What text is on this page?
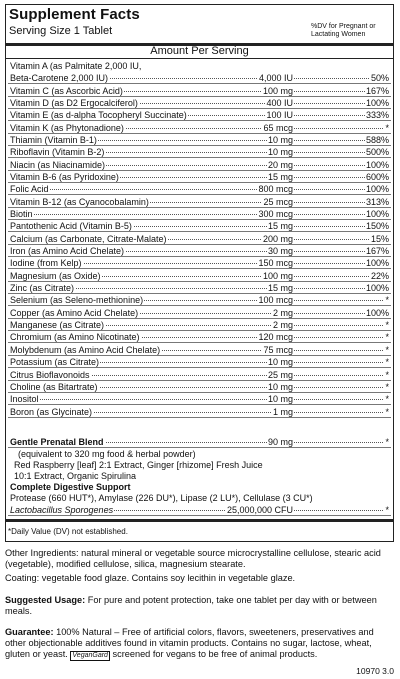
Supplement Facts
Serving Size 1 Tablet	%DV for Pregnant or Lactating Women
Amount Per Serving
Vitamin A (as Palmitate 2,000 IU,
Beta-Carotene 2,000 IU)	4,000 IU	50%
Vitamin C (as Ascorbic Acid)	100 mg	167%
Vitamin D (as D2 Ergocalciferol)	400 IU	100%
Vitamin E (as d-alpha Tocopheryl Succinate)	100 IU	333%
Vitamin K (as Phytonadione)	65 mcg	*
Thiamin (Vitamin B-1)	10 mg	588%
Riboflavin (Vitamin B-2)	10 mg	500%
Niacin (as Niacinamide)	20 mg	100%
Vitamin B-6 (as Pyridoxine)	15 mg	600%
Folic Acid	800 mcg	100%
Vitamin B-12 (as Cyanocobalamin)	25 mcg	313%
Biotin	300 mcg	100%
Pantothenic Acid (Vitamin B-5)	15 mg	150%
Calcium (as Carbonate, Citrate-Malate)	200 mg	15%
Iron (as Amino Acid Chelate)	30 mg	167%
Iodine (from Kelp)	150 mcg	100%
Magnesium (as Oxide)	100 mg	22%
Zinc (as Citrate)	15 mg	100%
Selenium (as Seleno-methionine)	100 mcg	*
Copper (as Amino Acid Chelate)	2 mg	100%
Manganese (as Citrate)	2 mg	*
Chromium (as Amino Nicotinate)	120 mcg	*
Molybdenum (as Amino Acid Chelate)	75 mcg	*
Potassium (as Citrate)	10 mg	*
Citrus Bioflavonoids	25 mg	*
Choline (as Bitartrate)	10 mg	*
Inositol	10 mg	*
Boron (as Glycinate)	1 mg	*
Gentle Prenatal Blend	90 mg	*
(equivalent to 320 mg food & herbal powder)
Red Raspberry [leaf] 2:1 Extract, Ginger [rhizome] Fresh Juice
10:1 Extract, Organic Spirulina
Complete Digestive Support
Protease (660 HUT*), Amylase (226 DU*), Lipase (2 LU*), Cellulase (3 CU*)
Lactobacillus Sporogenes	25,000,000 CFU	*
*Daily Value (DV) not established.
Other Ingredients: natural mineral or vegetable source microcrystalline cellulose, stearic acid (vegetable), modified cellulose, silica, magnesium stearate.
Coating: vegetable food glaze. Contains soy lecithin in vegetable glaze.
Suggested Usage: For pure and potent protection, take one tablet per day with or between meals.
Guarantee: 100% Natural – Free of artificial colors, flavors, sweeteners, preservatives and other objectionable additives found in vitamin products. Contains no sugar, lactose, wheat, gluten or yeast. VeganGard screened for vegans to be free of animal products.
10970 3.0
